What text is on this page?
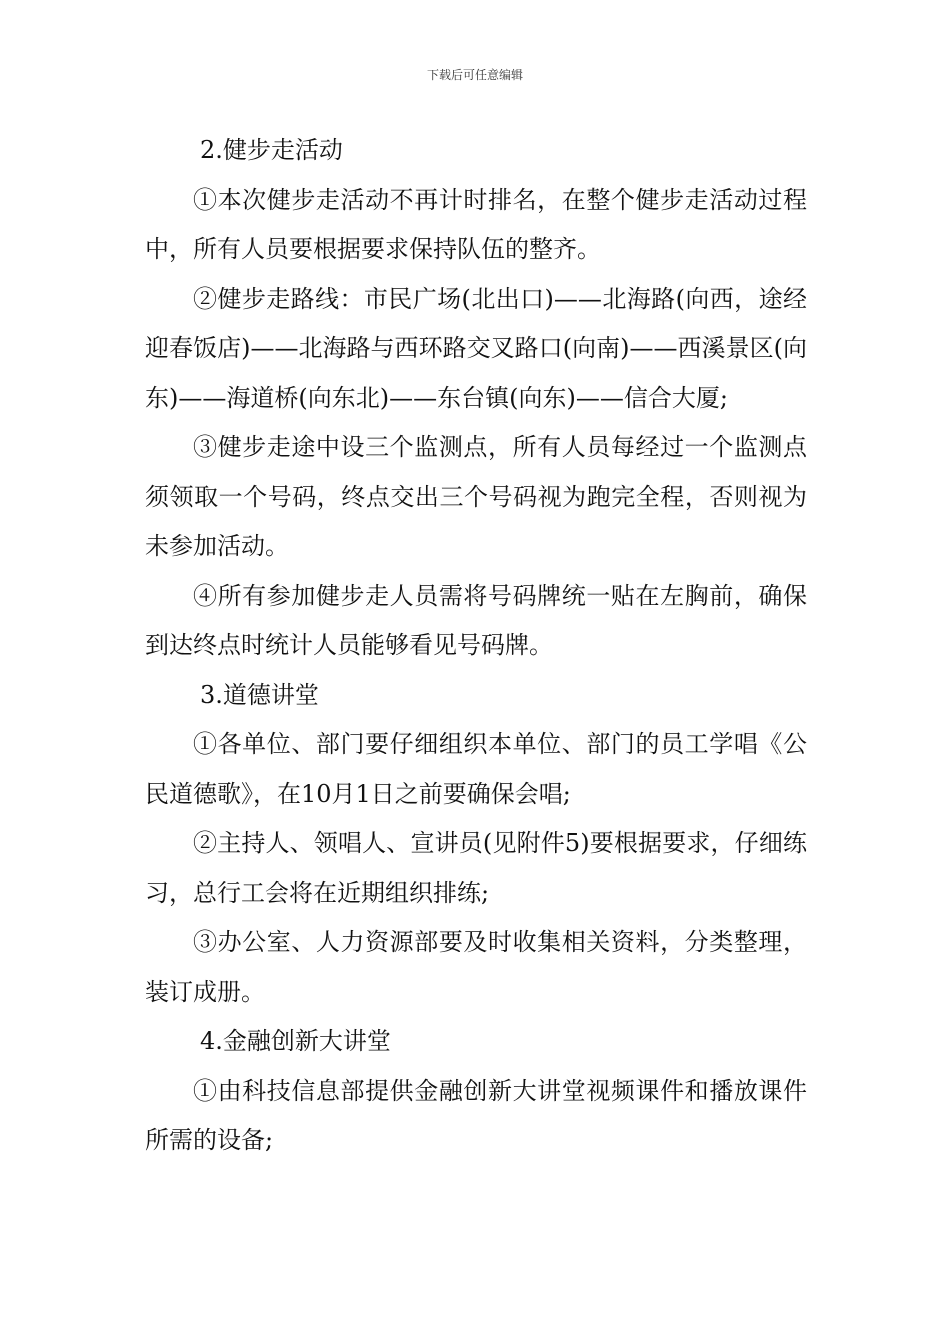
下载后可任意编辑
2.健步走活动
①本次健步走活动不再计时排名，在整个健步走活动过程中，所有人员要根据要求保持队伍的整齐。
②健步走路线：市民广场(北出口)——北海路(向西，途经迎春饭店)——北海路与西环路交叉路口(向南)——西溪景区(向东)——海道桥(向东北)——东台镇(向东)——信合大厦;
③健步走途中设三个监测点，所有人员每经过一个监测点须领取一个号码，终点交出三个号码视为跑完全程，否则视为未参加活动。
④所有参加健步走人员需将号码牌统一贴在左胸前，确保到达终点时统计人员能够看见号码牌。
3.道德讲堂
①各单位、部门要仔细组织本单位、部门的员工学唱《公民道德歌》，在10月1日之前要确保会唱;
②主持人、领唱人、宣讲员(见附件5)要根据要求，仔细练习，总行工会将在近期组织排练;
③办公室、人力资源部要及时收集相关资料，分类整理，装订成册。
4.金融创新大讲堂
①由科技信息部提供金融创新大讲堂视频课件和播放课件所需的设备;
